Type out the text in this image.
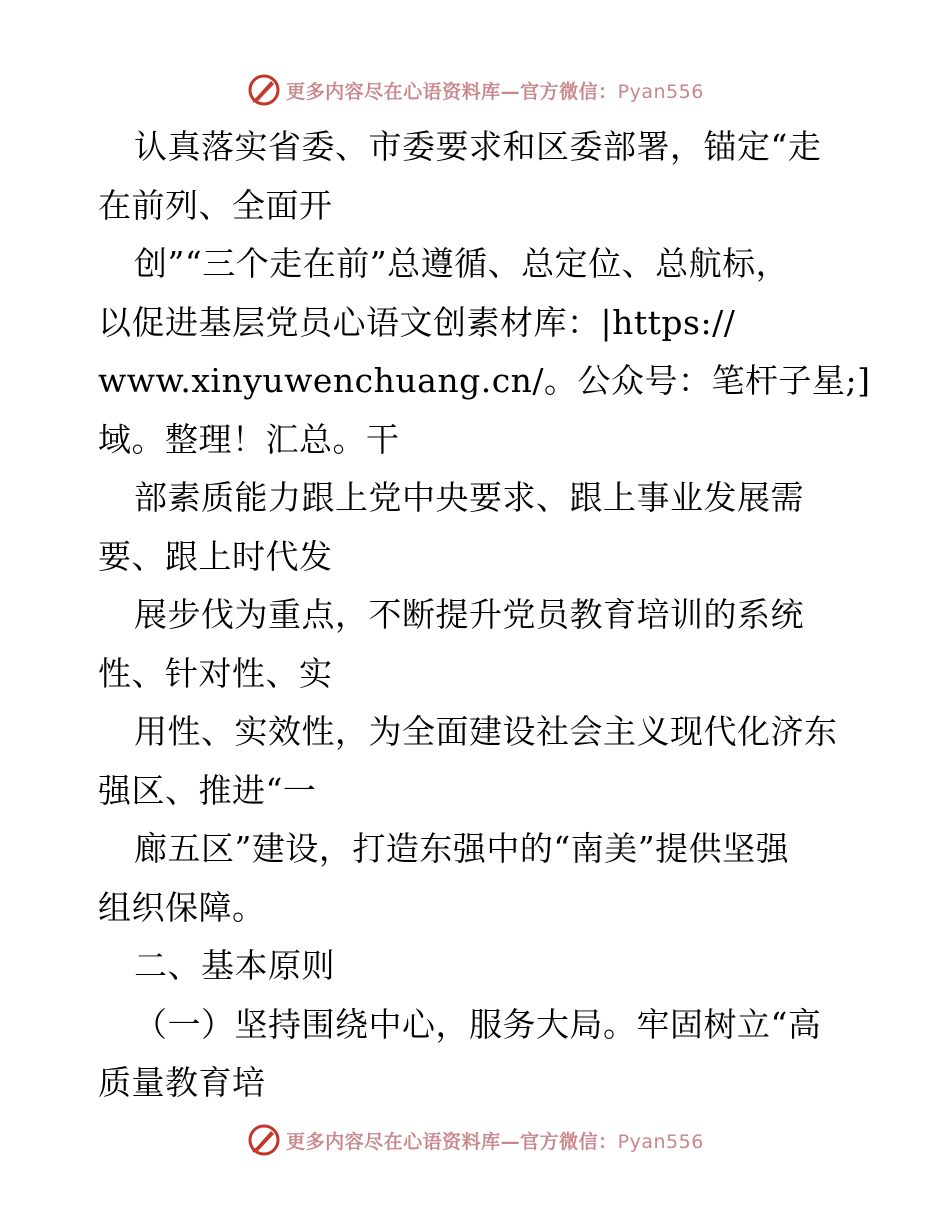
更多内容尽在心语资料库—官方微信：Pyan556
认真落实省委、市委要求和区委部署，锚定“走
在前列、全面开
创”“三个走在前”总遵循、总定位、总航标，
以促进基层党员心语文创素材库：|https://
www.xinyuwenchuang.cn/。公众号：笔杆子星;]
域。整理！汇总。干
部素质能力跟上党中央要求、跟上事业发展需
要、跟上时代发
展步伐为重点，不断提升党员教育培训的系统
性、针对性、实
用性、实效性，为全面建设社会主义现代化济东
强区、推进“一
廊五区”建设，打造东强中的“南美”提供坚强
组织保障。
二、基本原则
（一）坚持围绕中心，服务大局。牢固树立“高
质量教育培
更多内容尽在心语资料库—官方微信：Pyan556
